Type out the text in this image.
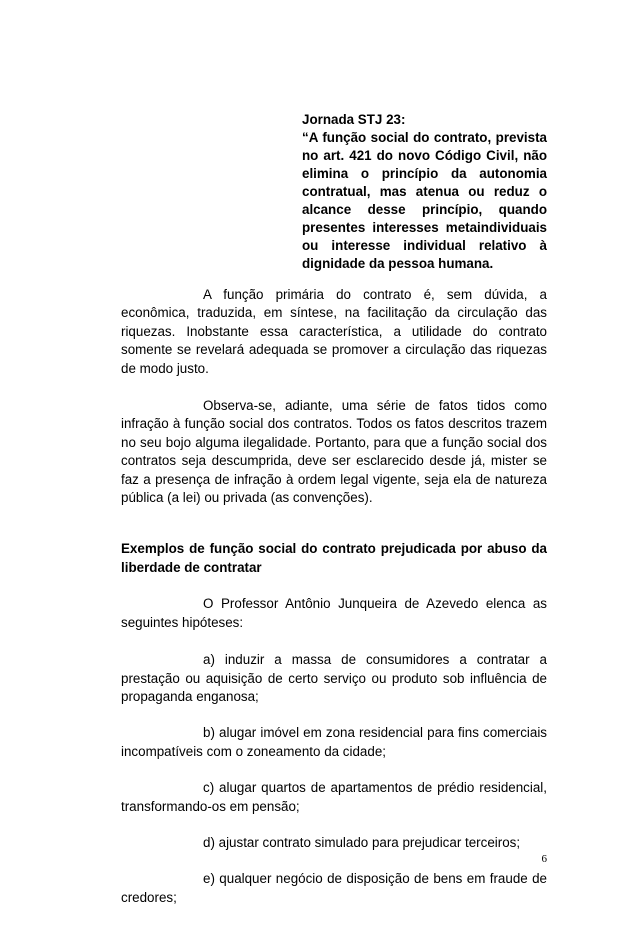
Jornada STJ 23:

“A função social do contrato, prevista no art. 421 do novo Código Civil, não elimina o princípio da autonomia contratual, mas atenua ou reduz o alcance desse princípio, quando presentes interesses metaindividuais ou interesse individual relativo à dignidade da pessoa humana.

A função primária do contrato é, sem dúvida, a econômica, traduzida, em síntese, na facilitação da circulação das riquezas. Inobstante essa característica, a utilidade do contrato somente se revelará adequada se promover a circulação das riquezas de modo justo.

Observa-se, adiante, uma série de fatos tidos como infração à função social dos contratos. Todos os fatos descritos trazem no seu bojo alguma ilegalidade. Portanto, para que a função social dos contratos seja descumprida, deve ser esclarecido desde já, mister se faz a presença de infração à ordem legal vigente, seja ela de natureza pública (a lei) ou privada (as convenções).

Exemplos de função social do contrato prejudicada por abuso da liberdade de contratar

O Professor Antônio Junqueira de Azevedo elenca as seguintes hipóteses:

a) induzir a massa de consumidores a contratar a prestação ou aquisição de certo serviço ou produto sob influência de propaganda enganosa;

b) alugar imóvel em zona residencial para fins comerciais incompatíveis com o zoneamento da cidade;

c) alugar quartos de apartamentos de prédio residencial, transformando-os em pensão;

d) ajustar contrato simulado para prejudicar terceiros;

e) qualquer negócio de disposição de bens em fraude de credores;

6
